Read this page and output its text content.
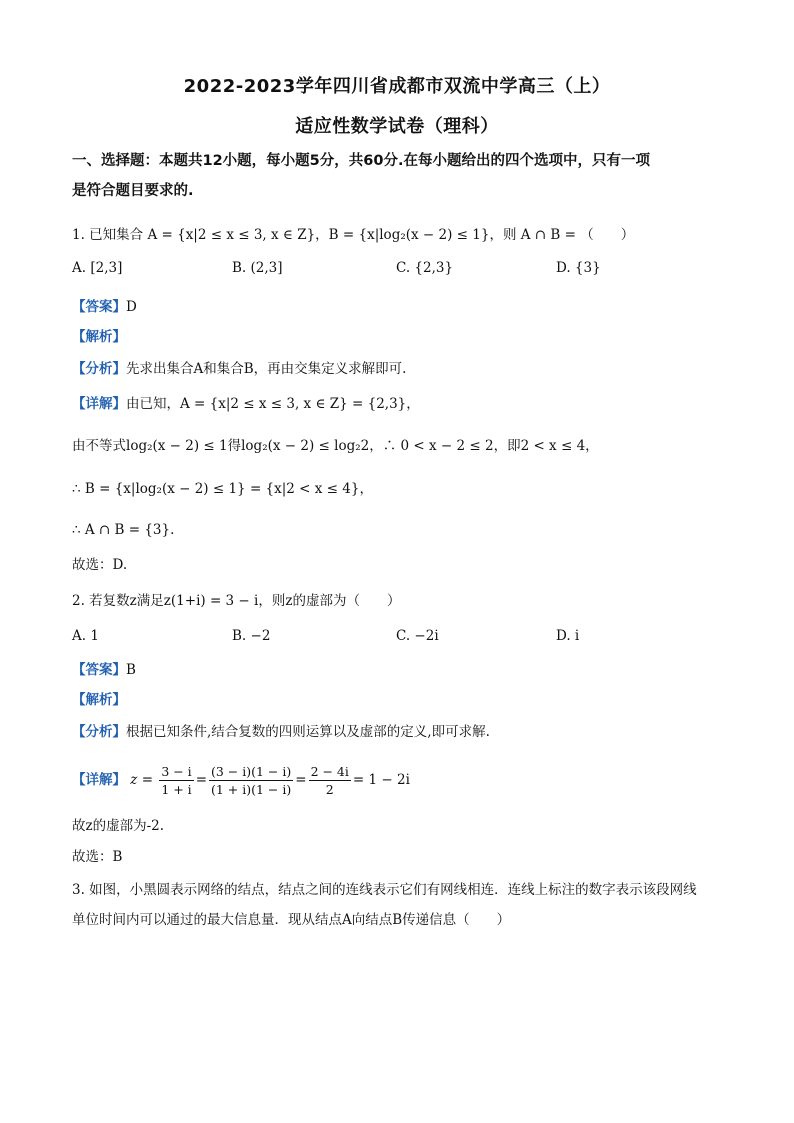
2022-2023学年四川省成都市双流中学高三（上）
适应性数学试卷（理科）
一、选择题：本题共12小题，每小题5分，共60分.在每小题给出的四个选项中，只有一项
是符合题目要求的.
1. 已知集合 A = {x|2 ≤ x ≤ 3, x ∈ Z}，B = {x|log₂(x − 2) ≤ 1}，则 A ∩ B = （　　）
A. [2,3]	B. (2,3]	C. {2,3}	D. {3}
【答案】D
【解析】
【分析】先求出集合A和集合B，再由交集定义求解即可.
【详解】由已知，A = {x|2 ≤ x ≤ 3, x ∈ Z} = {2,3}，
由不等式log₂(x − 2) ≤ 1得log₂(x − 2) ≤ log₂2，∴ 0 < x − 2 ≤ 2，即2 < x ≤ 4，
∴ B = {x|log₂(x − 2) ≤ 1} = {x|2 < x ≤ 4}，
∴ A ∩ B = {3}.
故选：D.
2. 若复数z满足z(1+i) = 3 − i，则z的虚部为（　　）
A. 1	B. −2	C. −2i	D. i
【答案】B
【解析】
【分析】根据已知条件,结合复数的四则运算以及虚部的定义,即可求解.
【详解】 $z = \frac{3 - i}{1 + i} = \frac{(3 - i)(1 - i)}{(1 + i)(1 - i)} = \frac{2 - 4i}{2} = 1 - 2i$
故z的虚部为-2.
故选：B
3. 如图，小黑圆表示网络的结点，结点之间的连线表示它们有网线相连．连线上标注的数字表示该段网线
单位时间内可以通过的最大信息量．现从结点A向结点B传递信息（　　）
